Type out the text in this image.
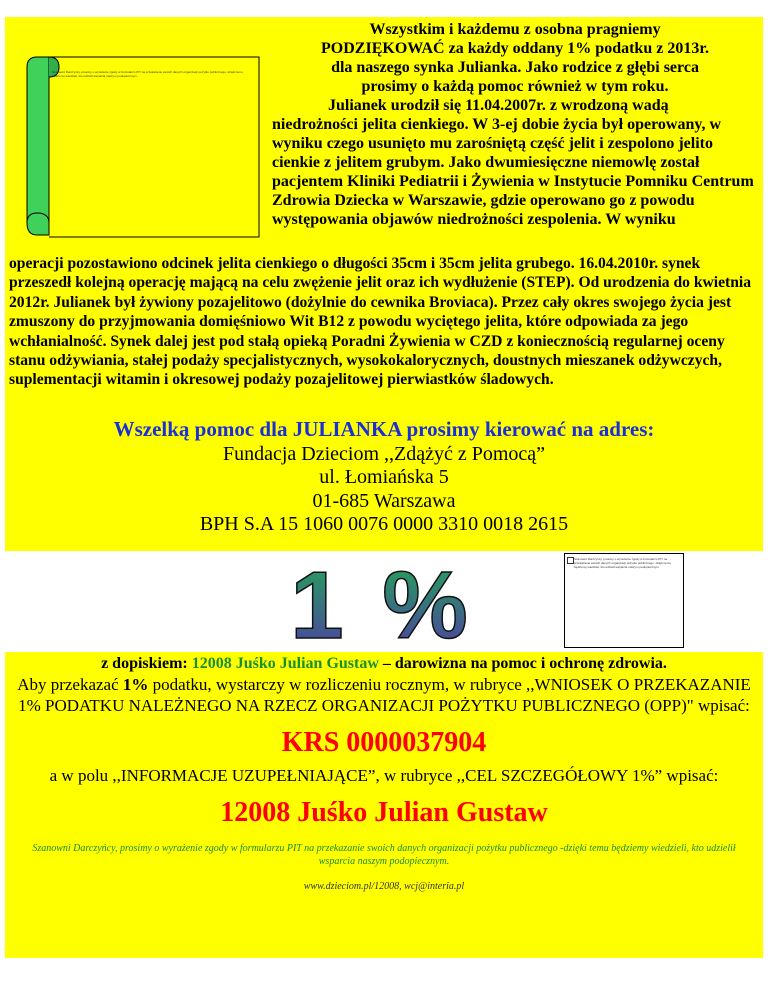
Szanowni Darczyńcy, prosimy o wyrażenie zgody w formularzu PIT na przekazanie swoich danych organizacji pożytku publicznego -dzięki temu będziemy wiedzieli, kto udzielił wsparcia naszym podopiecznym.

Wszystkim i każdemu z osobna pragniemy

PODZIĘKOWAĆ za każdy oddany 1% podatku z 2013r.

dla naszego synka Julianka. Jako rodzice z głębi serca

prosimy o każdą pomoc również w tym roku.

Julianek urodził się 11.04.2007r. z wrodzoną wadą niedrożności jelita cienkiego. W 3-ej dobie życia był operowany, w wyniku czego usunięto mu zarośniętą część jelit i zespolono jelito cienkie z jelitem grubym. Jako dwumiesięczne niemowlę został pacjentem Kliniki Pediatrii i Żywienia w Instytucie Pomniku Centrum Zdrowia Dziecka w Warszawie, gdzie operowano go z powodu występowania objawów niedrożności zespolenia. W wyniku

operacji pozostawiono odcinek jelita cienkiego o długości 35cm i 35cm jelita grubego. 16.04.2010r. synek przeszedł kolejną operację mającą na celu zwężenie jelit oraz ich wydłużenie (STEP). Od urodzenia do kwietnia 2012r. Julianek był żywiony pozajelitowo (dożylnie do cewnika Broviaca). Przez cały okres swojego życia jest zmuszony do przyjmowania domięśniowo Wit B12 z powodu wyciętego jelita, które odpowiada za jego wchłanialność. Synek dalej jest pod stałą opieką Poradni Żywienia w CZD z koniecznością regularnej oceny stanu odżywiania, stałej podaży specjalistycznych, wysokokalorycznych, doustnych mieszanek odżywczych, suplementacji witamin i okresowej podaży pozajelitowej pierwiastków śladowych.

Wszelką pomoc dla JULIANKA prosimy kierować na adres:
Fundacja Dzieciom ,,Zdążyć z Pomocą”
ul. Łomiańska 5
01-685 Warszawa
BPH S.A 15 1060 0076 0000 3310 0018 2615
1 %	Szanowni Darczyńcy, prosimy o wyrażenie zgody w formularzu PIT na przekazanie swoich danych organizacji pożytku publicznego -dzięki temu będziemy wiedzieli, kto udzielił wsparcia naszym podopiecznym.
z dopiskiem: 12008 Juśko Julian Gustaw – darowizna na pomoc i ochronę zdrowia.
Aby przekazać 1% podatku, wystarczy w rozliczeniu rocznym, w rubryce ,,WNIOSEK O PRZEKAZANIE 1% PODATKU NALEŻNEGO NA RZECZ ORGANIZACJI POŻYTKU PUBLICZNEGO (OPP)" wpisać:
KRS 0000037904
a w polu ,,INFORMACJE UZUPEŁNIAJĄCE”, w rubryce ,,CEL SZCZEGÓŁOWY 1%” wpisać:
12008 Juśko Julian Gustaw
Szanowni Darczyńcy, prosimy o wyrażenie zgody w formularzu PIT na przekazanie swoich danych organizacji pożytku publicznego -dzięki temu będziemy wiedzieli, kto udzielił wsparcia naszym podopiecznym.
www.dzieciom.pl/12008, wcj@interia.pl
